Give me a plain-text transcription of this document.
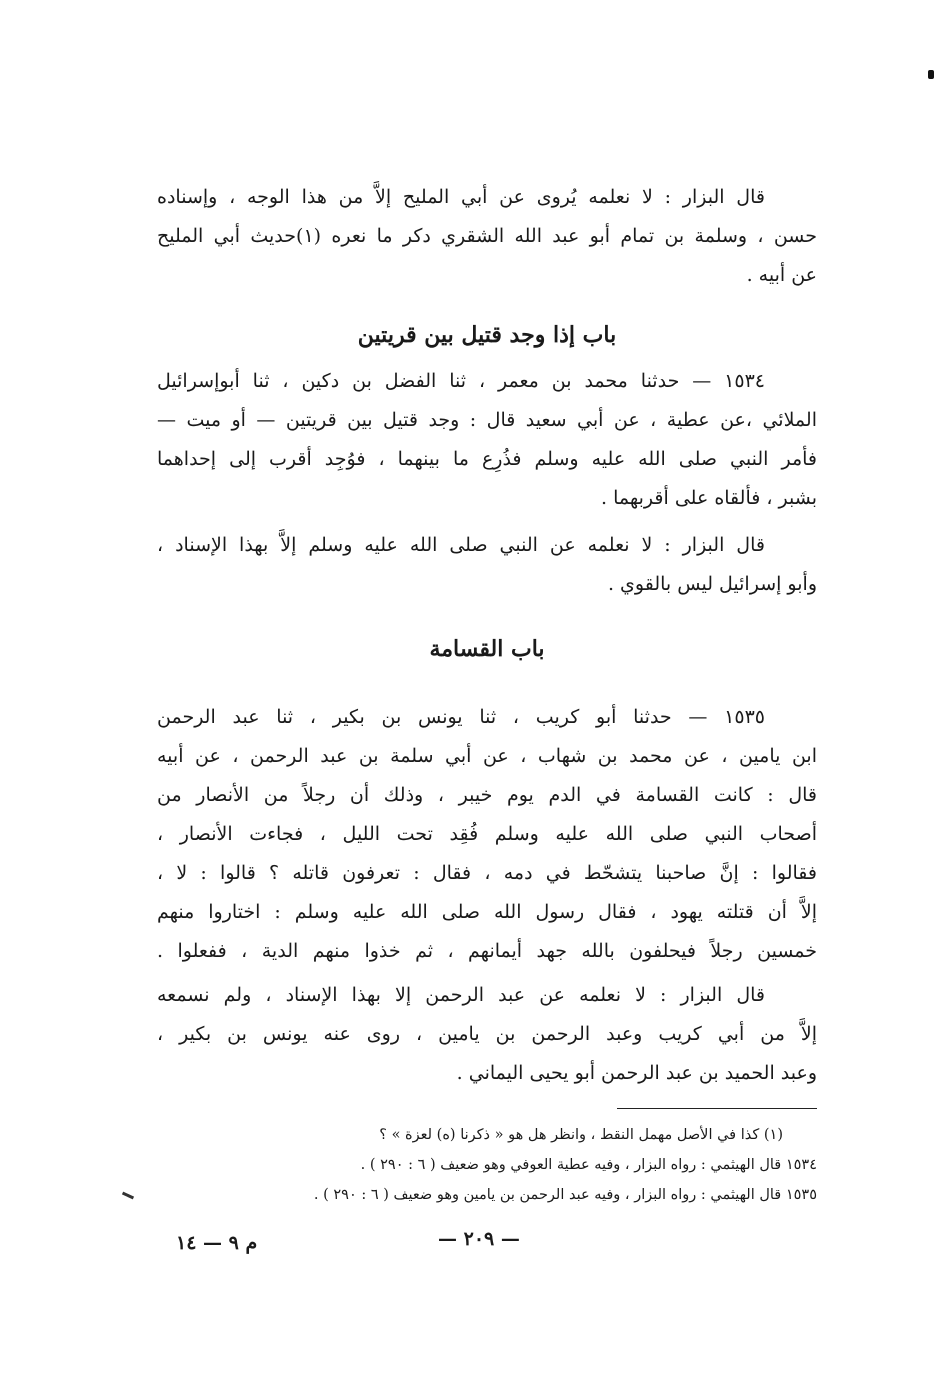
قال البزار : لا نعلمه يُروى عن أبي المليح إلاَّ من هذا الوجه ، وإسناده

حسن ، وسلمة بن تمام أبو عبد الله الشقري دكر ما نعره (١)حديث أبي المليح

عن أبيه .

باب إذا وجد قتيل بين قريتين

١٥٣٤ — حدثنا محمد بن معمر ، ثنا الفضل بن دكين ، ثنا أبوإسرائيل

الملائي ،عن عطية ، عن أبي سعيد قال : وجد قتيل بين قريتين — أو ميت —

فأمر النبي صلى الله عليه وسلم فذُرِع ما بينهما ، فوُجِد أقرب إلى إحداهما

بشبر ، فألقاه على أقربهما .

قال البزار : لا نعلمه عن النبي صلى الله عليه وسلم إلاَّ بهذا الإسناد ،

وأبو إسرائيل ليس بالقوي .

باب القسامة

١٥٣٥ — حدثنا أبو كريب ، ثنا يونس بن بكير ، ثنا عبد الرحمن

ابن يامين ، عن محمد بن شهاب ، عن أبي سلمة بن عبد الرحمن ، عن أبيه

قال : كانت القسامة في الدم يوم خيبر ، وذلك أن رجلاً من الأنصار من

أصحاب النبي صلى الله عليه وسلم فُقِد تحت الليل ، فجاءت الأنصار ،

فقالوا : إنَّ صاحبنا يتشحّط في دمه ، فقال : تعرفون قاتله ؟ قالوا : لا ،

إلاَّ أن قتلته يهود ، فقال رسول الله صلى الله عليه وسلم : اختاروا منهم

خمسين رجلاً فيحلفون بالله جهد أيمانهم ، ثم خذوا منهم الدية ، ففعلوا .

قال البزار : لا نعلمه عن عبد الرحمن إلا بهذا الإسناد ، ولم نسمعه

إلاَّ من أبي كريب وعبد الرحمن بن يامين ، روى عنه يونس بن بكير ،

وعبد الحميد بن عبد الرحمن أبو يحيى اليماني .

(١) كذا في الأصل مهمل النقط ، وانظر هل هو « ذكرنا (ه) لعزة » ؟

١٥٣٤ قال الهيثمي : رواه البزار ، وفيه عطية العوفي وهو ضعيف ( ٦ : ٢٩٠ ) .

١٥٣٥ قال الهيثمي : رواه البزار ، وفيه عبد الرحمن بن يامين وهو ضعيف ( ٦ : ٢٩٠ ) .

— ٢٠٩ —
م ٩ — ١٤
